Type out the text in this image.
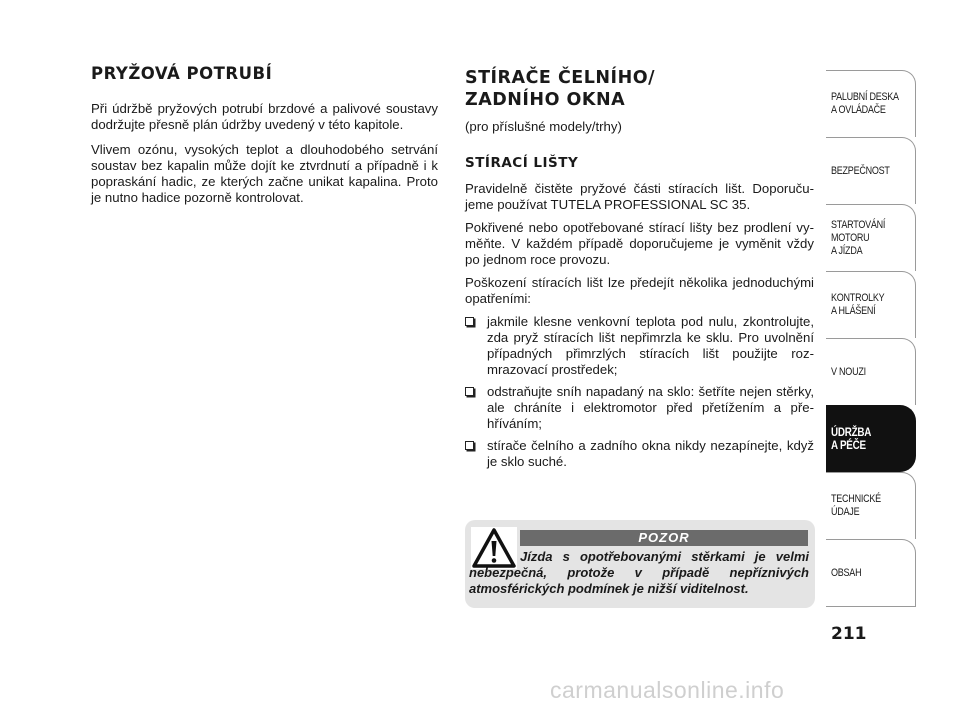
PRYŽOVÁ POTRUBÍ

Při údržbě pryžových potrubí brzdové a palivové soustavy dodržujte přesně plán údržby uvedený v této kapitole.

Vlivem ozónu, vysokých teplot a dlouhodobého setrvání soustav bez kapalin může dojít ke ztvrdnutí a případně i k popraskání hadic, ze kterých začne unikat kapalina. Proto je nutno hadice pozorně kontrolovat.

STÍRAČE ČELNÍHO/ ZADNÍHO OKNA
(pro příslušné modely/trhy)
STÍRACÍ LIŠTY

Pravidelně čistěte pryžové části stíracích lišt. Doporučujeme používat TUTELA PROFESSIONAL SC 35.

Pokřivené nebo opotřebované stírací lišty bez prodlení vyměňte. V každém případě doporučujeme je vyměnit vždy po jednom roce provozu.

Poškození stíracích lišt lze předejít několika jednoduchými opatřeními:

jakmile klesne venkovní teplota pod nulu, zkontrolujte, zda pryž stíracích lišt nepřimrzla ke sklu. Pro uvolnění případných přimrzlých stíracích lišt použijte rozmrazovací prostředek;
odstraňujte sníh napadaný na sklo: šetříte nejen stěrky, ale chráníte i elektromotor před přetížením a přehříváním;
stírače čelního a zadního okna nikdy nezapínejte, když je sklo suché.
POZOR
Jízda s opotřebovanými stěrkami je velmi nebezpečná, protože v případě nepříznivých atmosférických podmínek je nižší viditelnost.
PALUBNÍ DESKA
A OVLÁDAČE
BEZPEČNOST
STARTOVÁNÍ
MOTORU
A JÍZDA
KONTROLKY
A HLÁŠENÍ
V NOUZI
ÚDRŽBA
A PÉČE
TECHNICKÉ
ÚDAJE
OBSAH
211
carmanualsonline.info
